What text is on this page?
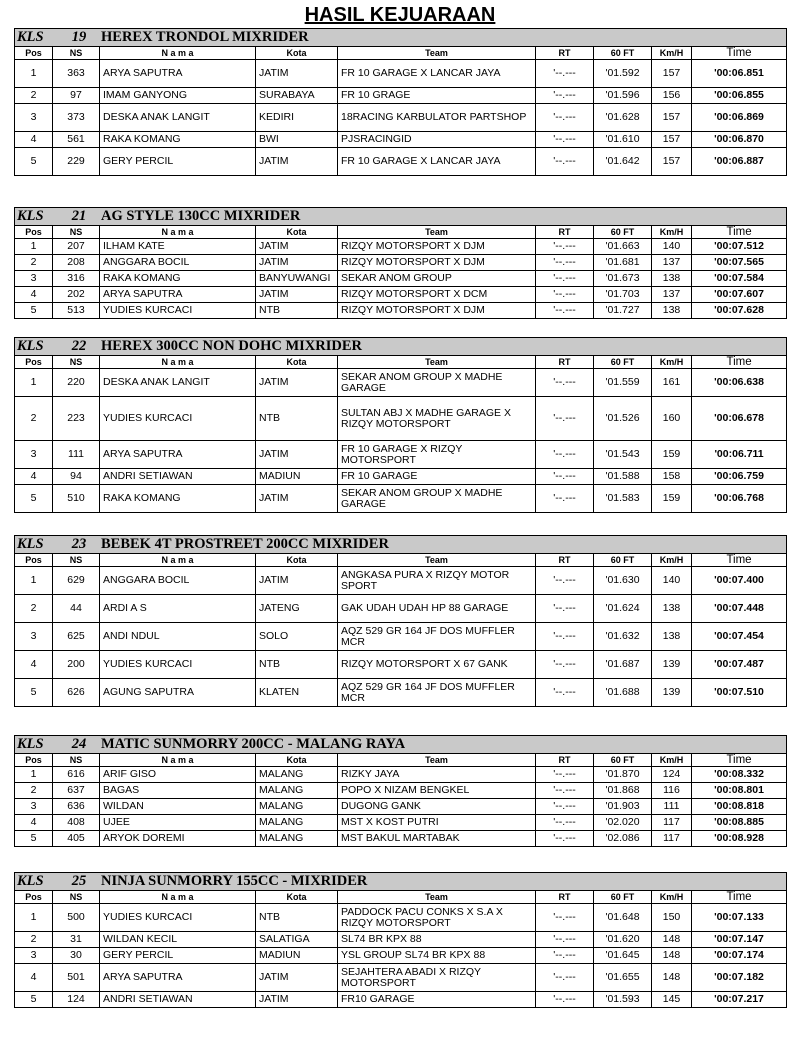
HASIL KEJUARAAN
KLS 19 HEREX TRONDOL MIXRIDER								
Pos	NS	N a m a	Kota	Team	RT	60 FT	Km/H	Time
1	363	ARYA SAPUTRA	JATIM	FR 10 GARAGE X LANCAR JAYA	'--.---	'01.592	157	'00:06.851
2	97	IMAM GANYONG	SURABAYA	FR 10 GRAGE	'--.---	'01.596	156	'00:06.855
3	373	DESKA ANAK LANGIT	KEDIRI	18RACING KARBULATOR PARTSHOP	'--.---	'01.628	157	'00:06.869
4	561	RAKA KOMANG	BWI	PJSRACINGID	'--.---	'01.610	157	'00:06.870
5	229	GERY PERCIL	JATIM	FR 10 GARAGE X LANCAR JAYA	'--.---	'01.642	157	'00:06.887
KLS 21 AG STYLE 130CC MIXRIDER								
Pos	NS	N a m a	Kota	Team	RT	60 FT	Km/H	Time
1	207	ILHAM KATE	JATIM	RIZQY MOTORSPORT X DJM	'--.---	'01.663	140	'00:07.512
2	208	ANGGARA BOCIL	JATIM	RIZQY MOTORSPORT X DJM	'--.---	'01.681	137	'00:07.565
3	316	RAKA KOMANG	BANYUWANGI	SEKAR ANOM GROUP	'--.---	'01.673	138	'00:07.584
4	202	ARYA SAPUTRA	JATIM	RIZQY MOTORSPORT X DCM	'--.---	'01.703	137	'00:07.607
5	513	YUDIES KURCACI	NTB	RIZQY MOTORSPORT X DJM	'--.---	'01.727	138	'00:07.628
KLS 22 HEREX 300CC NON DOHC MIXRIDER								
Pos	NS	N a m a	Kota	Team	RT	60 FT	Km/H	Time
1	220	DESKA ANAK LANGIT	JATIM	SEKAR ANOM GROUP X MADHE GARAGE	'--.---	'01.559	161	'00:06.638
2	223	YUDIES KURCACI	NTB	SULTAN ABJ X MADHE GARAGE X RIZQY MOTORSPORT	'--.---	'01.526	160	'00:06.678
3	111	ARYA SAPUTRA	JATIM	FR 10 GARAGE X RIZQY MOTORSPORT	'--.---	'01.543	159	'00:06.711
4	94	ANDRI SETIAWAN	MADIUN	FR 10 GARAGE	'--.---	'01.588	158	'00:06.759
5	510	RAKA KOMANG	JATIM	SEKAR ANOM GROUP X MADHE GARAGE	'--.---	'01.583	159	'00:06.768
KLS 23 BEBEK 4T PROSTREET 200CC MIXRIDER								
Pos	NS	N a m a	Kota	Team	RT	60 FT	Km/H	Time
1	629	ANGGARA BOCIL	JATIM	ANGKASA PURA X RIZQY MOTOR SPORT	'--.---	'01.630	140	'00:07.400
2	44	ARDI A S	JATENG	GAK UDAH UDAH HP 88 GARAGE	'--.---	'01.624	138	'00:07.448
3	625	ANDI NDUL	SOLO	AQZ 529 GR 164 JF DOS MUFFLER MCR	'--.---	'01.632	138	'00:07.454
4	200	YUDIES KURCACI	NTB	RIZQY MOTORSPORT X 67 GANK	'--.---	'01.687	139	'00:07.487
5	626	AGUNG SAPUTRA	KLATEN	AQZ 529 GR 164 JF DOS MUFFLER MCR	'--.---	'01.688	139	'00:07.510
KLS 24 MATIC SUNMORRY 200CC - MALANG RAYA								
Pos	NS	N a m a	Kota	Team	RT	60 FT	Km/H	Time
1	616	ARIF GISO	MALANG	RIZKY JAYA	'--.---	'01.870	124	'00:08.332
2	637	BAGAS	MALANG	POPO X NIZAM BENGKEL	'--.---	'01.868	116	'00:08.801
3	636	WILDAN	MALANG	DUGONG GANK	'--.---	'01.903	111	'00:08.818
4	408	UJEE	MALANG	MST X KOST PUTRI	'--.---	'02.020	117	'00:08.885
5	405	ARYOK DOREMI	MALANG	MST BAKUL MARTABAK	'--.---	'02.086	117	'00:08.928
KLS 25 NINJA SUNMORRY 155CC - MIXRIDER								
Pos	NS	N a m a	Kota	Team	RT	60 FT	Km/H	Time
1	500	YUDIES KURCACI	NTB	PADDOCK PACU CONKS X S.A X RIZQY MOTORSPORT	'--.---	'01.648	150	'00:07.133
2	31	WILDAN KECIL	SALATIGA	SL74 BR KPX 88	'--.---	'01.620	148	'00:07.147
3	30	GERY PERCIL	MADIUN	YSL GROUP SL74 BR KPX 88	'--.---	'01.645	148	'00:07.174
4	501	ARYA SAPUTRA	JATIM	SEJAHTERA ABADI X RIZQY MOTORSPORT	'--.---	'01.655	148	'00:07.182
5	124	ANDRI SETIAWAN	JATIM	FR10 GARAGE	'--.---	'01.593	145	'00:07.217
